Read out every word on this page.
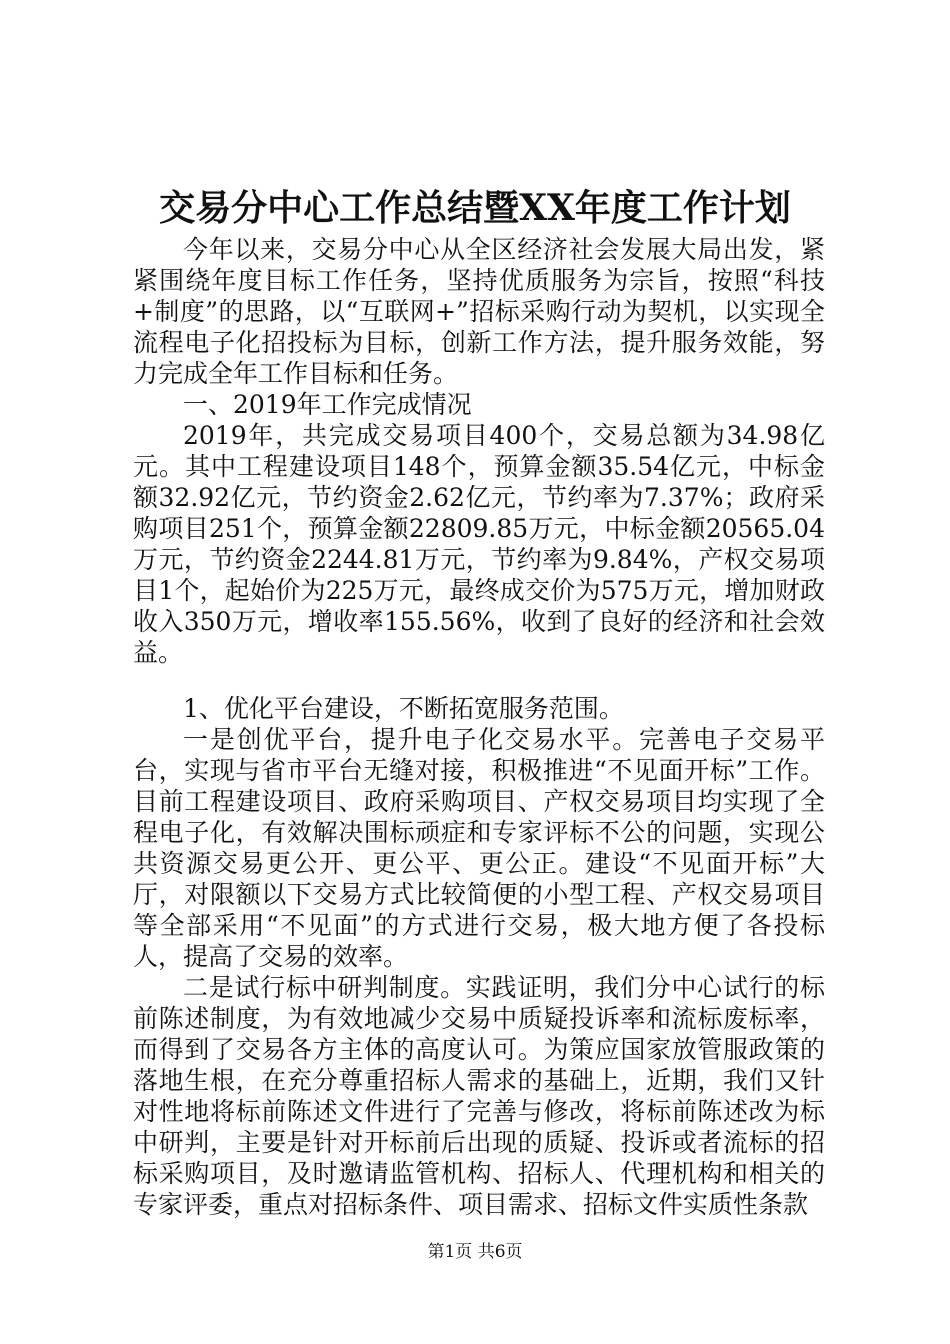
交易分中心工作总结暨XX年度工作计划

今年以来，交易分中心从全区经济社会发展大局出发，紧紧围绕年度目标工作任务，坚持优质服务为宗旨，按照“科技+制度”的思路，以“互联网+”招标采购行动为契机，以实现全流程电子化招投标为目标，创新工作方法，提升服务效能，努力完成全年工作目标和任务。

一、2019年工作完成情况

2019年，共完成交易项目400个，交易总额为34.98亿元。其中工程建设项目148个，预算金额35.54亿元，中标金额32.92亿元，节约资金2.62亿元，节约率为7.37%；政府采购项目251个，预算金额22809.85万元，中标金额20565.04万元，节约资金2244.81万元，节约率为9.84%，产权交易项目1个，起始价为225万元，最终成交价为575万元，增加财政收入350万元，增收率155.56%，收到了良好的经济和社会效益。

1、优化平台建设，不断拓宽服务范围。

一是创优平台，提升电子化交易水平。完善电子交易平台，实现与省市平台无缝对接，积极推进“不见面开标”工作。目前工程建设项目、政府采购项目、产权交易项目均实现了全程电子化，有效解决围标顽症和专家评标不公的问题，实现公共资源交易更公开、更公平、更公正。建设“不见面开标”大厅，对限额以下交易方式比较简便的小型工程、产权交易项目等全部采用“不见面”的方式进行交易，极大地方便了各投标人，提高了交易的效率。

二是试行标中研判制度。实践证明，我们分中心试行的标前陈述制度，为有效地减少交易中质疑投诉率和流标废标率，而得到了交易各方主体的高度认可。为策应国家放管服政策的落地生根，在充分尊重招标人需求的基础上，近期，我们又针对性地将标前陈述文件进行了完善与修改，将标前陈述改为标中研判，主要是针对开标前后出现的质疑、投诉或者流标的招标采购项目，及时邀请监管机构、招标人、代理机构和相关的专家评委，重点对招标条件、项目需求、招标文件实质性条款

第1页 共6页
